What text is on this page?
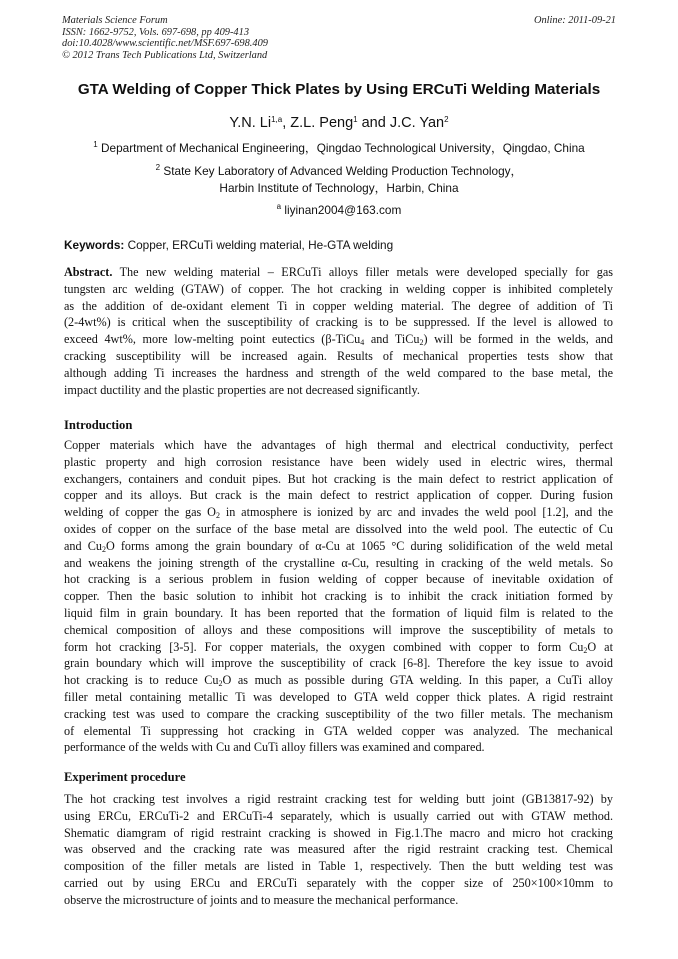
Materials Science Forum
ISSN: 1662-9752, Vols. 697-698, pp 409-413
doi:10.4028/www.scientific.net/MSF.697-698.409
© 2012 Trans Tech Publications Ltd, Switzerland
Online: 2011-09-21
GTA Welding of Copper Thick Plates by Using ERCuTi Welding Materials
Y.N. Li$^{1,a}$, Z.L. Peng$^1$ and J.C. Yan$^2$
$^1$ Department of Mechanical Engineering，Qingdao Technological University，Qingdao, China
$^2$ State Key Laboratory of Advanced Welding Production Technology，
Harbin Institute of Technology，Harbin, China
$^a$ liyinan2004@163.com
Keywords: Copper, ERCuTi welding material, He-GTA welding
Abstract. The new welding material – ERCuTi alloys filler metals were developed specially for gas
tungsten arc welding (GTAW) of copper. The hot cracking in welding copper is inhibited completely
as the addition of de-oxidant element Ti in copper welding material. The degree of addition of Ti
(2-4wt%) is critical when the susceptibility of cracking is to be suppressed. If the level is allowed to
exceed 4wt%, more low-melting point eutectics (β-TiCu$_4$ and TiCu$_2$) will be formed in the welds, and
cracking susceptibility will be increased again. Results of mechanical properties tests show that
although adding Ti increases the hardness and strength of the weld compared to the base metal, the
impact ductility and the plastic properties are not decreased significantly.
Introduction
Copper materials which have the advantages of high thermal and electrical conductivity, perfect
plastic property and high corrosion resistance have been widely used in electric wires, thermal
exchangers, containers and conduit pipes. But hot cracking is the main defect to restrict application of
copper and its alloys. But crack is the main defect to restrict application of copper. During fusion
welding of copper the gas $O_2$ in atmosphere is ionized by arc and invades the weld pool [1.2], and the
oxides of copper on the surface of the base metal are dissolved into the weld pool. The eutectic of Cu
and $Cu_2O$ forms among the grain boundary of α-Cu at 1065 °C during solidification of the weld metal
and weakens the joining strength of the crystalline α-Cu, resulting in cracking of the weld metals. So
hot cracking is a serious problem in fusion welding of copper because of inevitable oxidation of
copper. Then the basic solution to inhibit hot cracking is to inhibit the crack initiation formed by
liquid film in grain boundary. It has been reported that the formation of liquid film is related to the
chemical composition of alloys and these compositions will improve the susceptibility of metals to
form hot cracking [3-5]. For copper materials, the oxygen combined with copper to form $Cu_2O$ at
grain boundary which will improve the susceptibility of crack [6-8]. Therefore the key issue to avoid
hot cracking is to reduce $Cu_2O$ as much as possible during GTA welding. In this paper, a CuTi alloy
filler metal containing metallic Ti was developed to GTA weld copper thick plates. A rigid restraint
cracking test was used to compare the cracking susceptibility of the two filler metals. The mechanism
of elemental Ti suppressing hot cracking in GTA welded copper was analyzed. The mechanical
performance of the welds with Cu and CuTi alloy fillers was examined and compared.
Experiment procedure
The hot cracking test involves a rigid restraint cracking test for welding butt joint (GB13817-92) by
using ERCu, ERCuTi-2 and ERCuTi-4 separately, which is usually carried out with GTAW method.
Shematic diamgram of rigid restraint cracking is showed in Fig.1.The macro and micro hot cracking
was observed and the cracking rate was measured after the rigid restraint cracking test. Chemical
composition of the filler metals are listed in Table 1, respectively. Then the butt welding test was
carried out by using ERCu and ERCuTi separately with the copper size of 250×100×10mm to
observe the microstructure of joints and to measure the mechanical performance.
